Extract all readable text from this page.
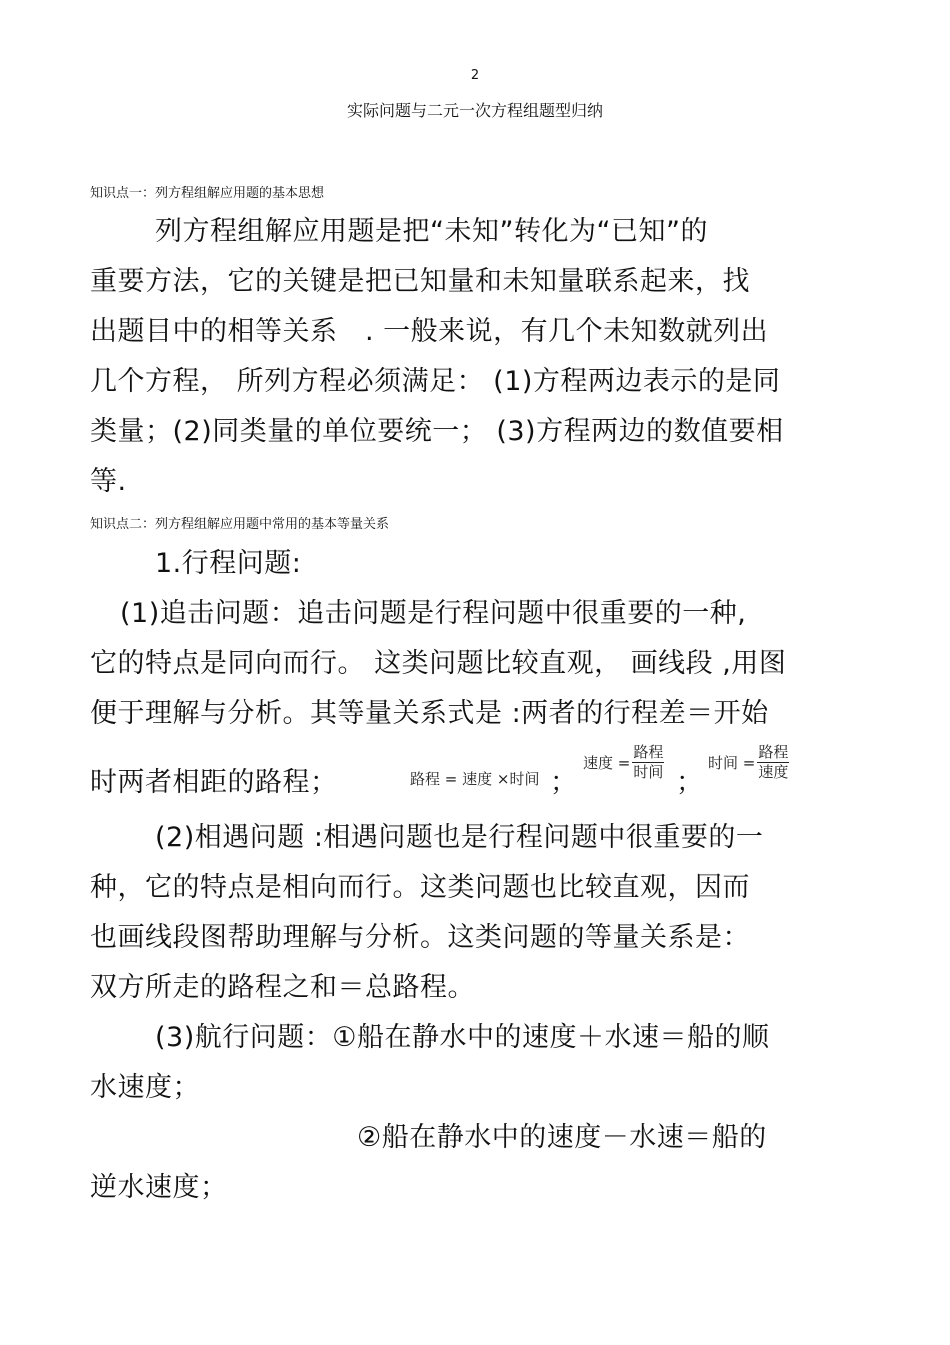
2
实际问题与二元一次方程组题型归纳
知识点一：列方程组解应用题的基本思想
列方程组解应用题是把“未知”转化为“已知”的
重要方法，它的关键是把已知量和未知量联系起来，找
出题目中的相等关系　. 一般来说，有几个未知数就列出
几个方程， 所列方程必须满足： (1)方程两边表示的是同
类量；(2)同类量的单位要统一； (3)方程两边的数值要相
等.
知识点二：列方程组解应用题中常用的基本等量关系
1.行程问题:
(1)追击问题：追击问题是行程问题中很重要的一种,
它的特点是同向而行。 这类问题比较直观， 画线段 ,用图
便于理解与分析。其等量关系式是 :两者的行程差＝开始
时两者相距的路程；	路程 = 速度 ×时间 ；
速度 = $\frac{\text{路程}}{\text{时间}}$
；
时间 = $\frac{\text{路程}}{\text{速度}}$
(2)相遇问题 :相遇问题也是行程问题中很重要的一
种，它的特点是相向而行。这类问题也比较直观，因而
也画线段图帮助理解与分析。这类问题的等量关系是：
双方所走的路程之和＝总路程。
(3)航行问题：①船在静水中的速度＋水速＝船的顺
水速度；
②船在静水中的速度－水速＝船的
逆水速度；
